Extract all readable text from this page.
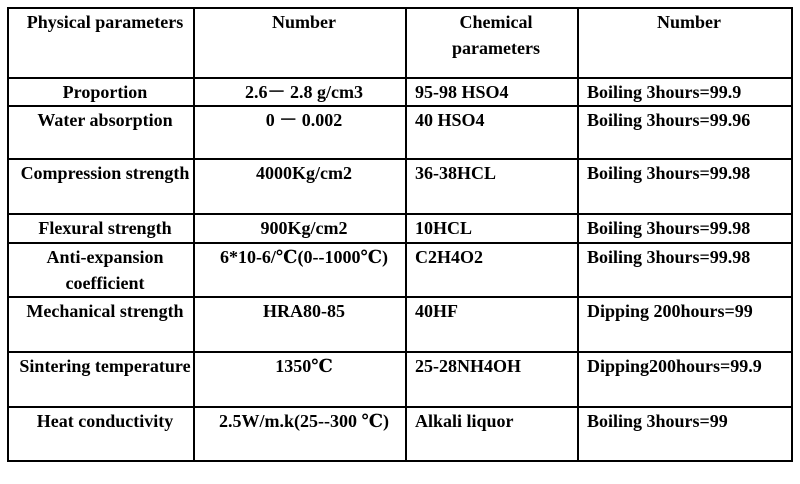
Physical parameters	Number	Chemical parameters	Number
Proportion	2.6－ 2.8 g/cm3	95-98 HSO4	Boiling 3hours=99.9
Water absorption	0 － 0.002	40 HSO4	Boiling 3hours=99.96
Compression strength	4000Kg/cm2	36-38HCL	Boiling 3hours=99.98
Flexural strength	900Kg/cm2	10HCL	Boiling 3hours=99.98
Anti-expansion coefficient	6*10-6/℃(0--1000℃)	C2H4O2	Boiling 3hours=99.98
Mechanical strength	HRA80-85	40HF	Dipping 200hours=99
Sintering temperature	1350℃	25-28NH4OH	Dipping200hours=99.9
Heat conductivity	2.5W/m.k(25--300 ℃)	Alkali liquor	Boiling 3hours=99
